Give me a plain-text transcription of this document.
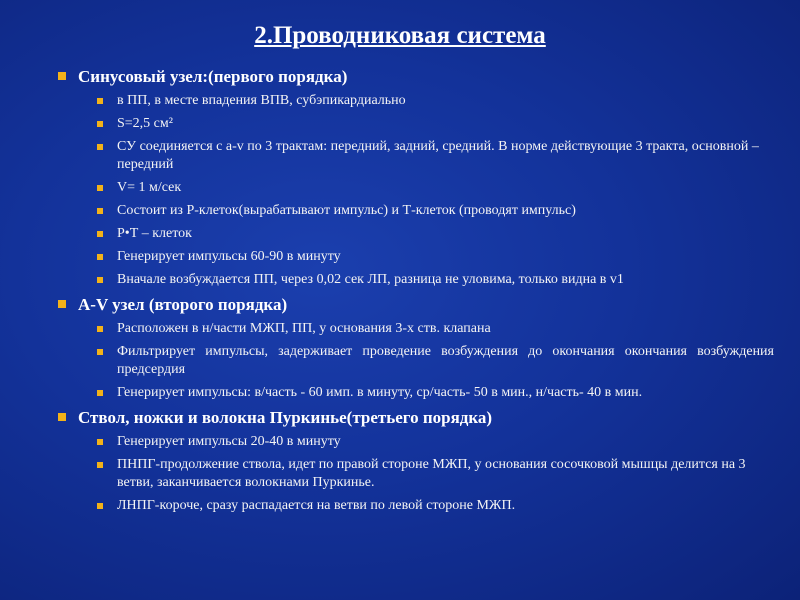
2.Проводниковая система
Синусовый узел:(первого порядка)
в ПП, в месте впадения ВПВ, субэпикардиально
S=2,5 см²
СУ соединяется с a-v по 3 трактам: передний, задний, средний. В норме действующие 3 тракта, основной – передний
V= 1 м/сек
Состоит из Р-клеток(вырабатывают импульс) и Т-клеток (проводят импульс)
Р•Т – клеток
Генерирует импульсы 60-90 в минуту
Вначале возбуждается ПП, через 0,02 сек ЛП, разница не уловима, только видна в v1
A-V узел (второго порядка)
Расположен в н/части МЖП, ПП, у основания 3-х ств. клапана
Фильтрирует импульсы, задерживает проведение возбуждения до окончания окончания возбуждения предсердия
Генерирует импульсы: в/часть - 60 имп. в минуту, ср/часть- 50 в мин., н/часть- 40 в мин.
Ствол, ножки и волокна Пуркинье(третьего порядка)
Генерирует импульсы 20-40 в минуту
ПНПГ-продолжение ствола, идет по правой стороне МЖП, у основания сосочковой мышцы делится на 3 ветви, заканчивается волокнами Пуркинье.
ЛНПГ-короче, сразу распадается на ветви по левой стороне МЖП.
